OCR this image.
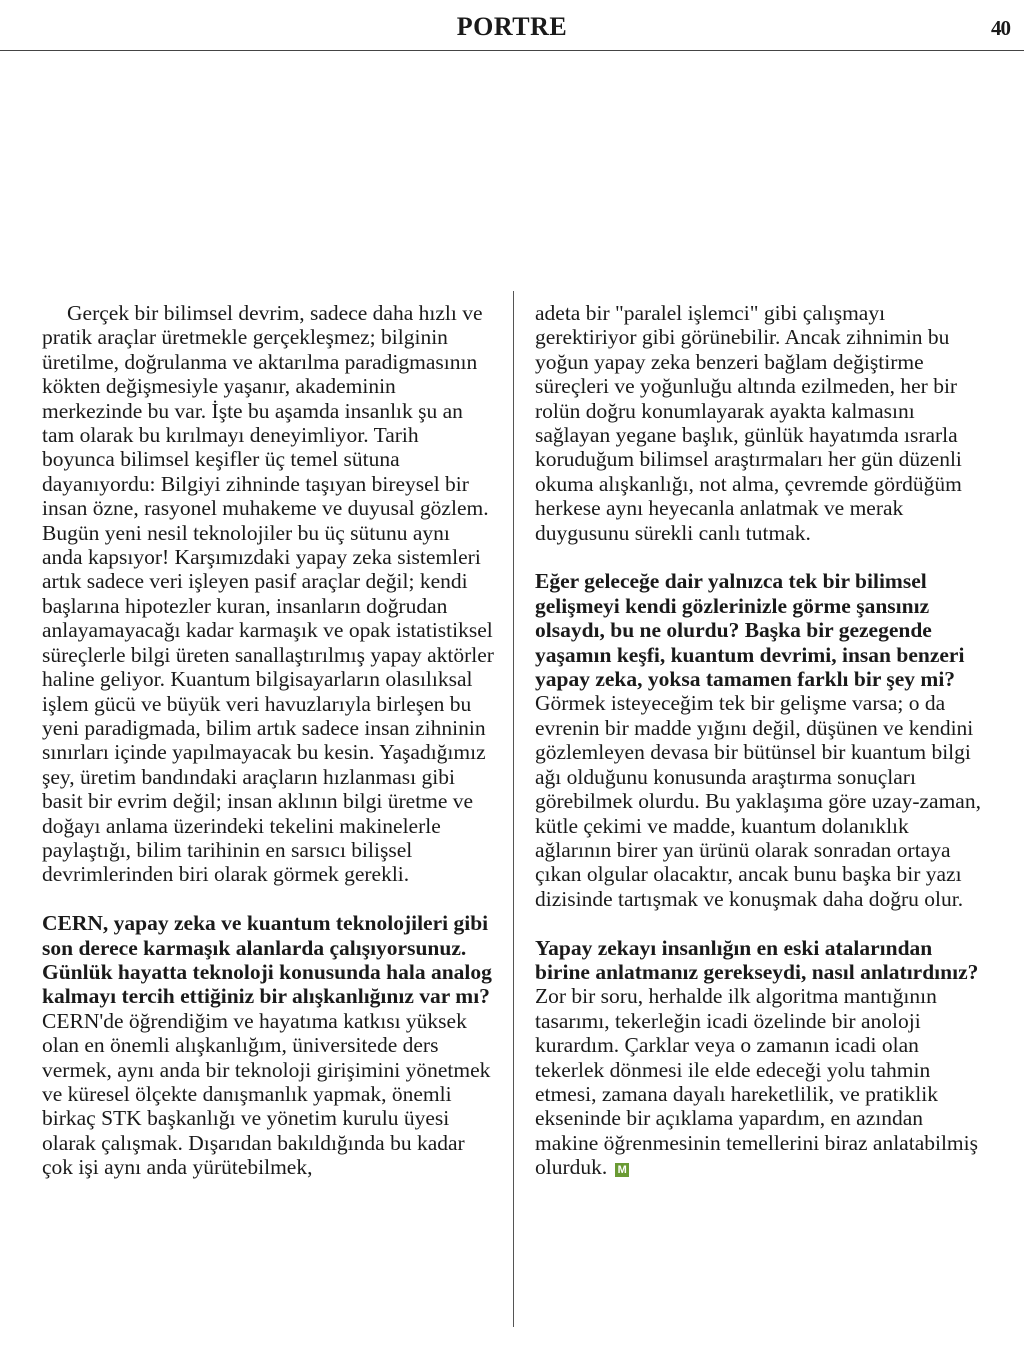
PORTRE	40

Gerçek bir bilimsel devrim, sadece daha hızlı ve pratik araçlar üretmekle gerçekleşmez; bilginin üretilme, doğrulanma ve aktarılma paradigmasının kökten değişmesiyle yaşanır, akademinin merkezinde bu var. İşte bu aşamda insanlık şu an tam olarak bu kırılmayı deneyimliyor. Tarih boyunca bilimsel keşifler üç temel sütuna dayanıyordu: Bilgiyi zihninde taşıyan bireysel bir insan özne, rasyonel muhakeme ve duyusal gözlem. Bugün yeni nesil teknolojiler bu üç sütunu aynı anda kapsıyor! Karşımızdaki yapay zeka sistemleri artık sadece veri işleyen pasif araçlar değil; kendi başlarına hipotezler kuran, insanların doğrudan anlayamayacağı kadar karmaşık ve opak istatistiksel süreçlerle bilgi üreten sanallaştırılmış yapay aktörler haline geliyor. Kuantum bilgisayarların olasılıksal işlem gücü ve büyük veri havuzlarıyla birleşen bu yeni paradigmada, bilim artık sadece insan zihninin sınırları içinde yapılmayacak bu kesin. Yaşadığımız şey, üretim bandındaki araçların hızlanması gibi basit bir evrim değil; insan aklının bilgi üretme ve doğayı anlama üzerindeki tekelini makinelerle paylaştığı, bilim tarihinin en sarsıcı bilişsel devrimlerinden biri olarak görmek gerekli.

CERN, yapay zeka ve kuantum teknolojileri gibi son derece karmaşık alanlarda çalışıyorsunuz. Günlük hayatta teknoloji konusunda hala analog kalmayı tercih ettiğiniz bir alışkanlığınız var mı?

CERN'de öğrendiğim ve hayatıma katkısı yüksek olan en önemli alışkanlığım, üniversitede ders vermek, aynı anda bir teknoloji girişimini yönetmek ve küresel ölçekte danışmanlık yapmak, önemli birkaç STK başkanlığı ve yönetim kurulu üyesi olarak çalışmak. Dışarıdan bakıldığında bu kadar çok işi aynı anda yürütebilmek,

adeta bir "paralel işlemci" gibi çalışmayı gerektiriyor gibi görünebilir. Ancak zihnimin bu yoğun yapay zeka benzeri bağlam değiştirme süreçleri ve yoğunluğu altında ezilmeden, her bir rolün doğru konumlayarak ayakta kalmasını sağlayan yegane başlık, günlük hayatımda ısrarla koruduğum bilimsel araştırmaları her gün düzenli okuma alışkanlığı, not alma, çevremde gördüğüm herkese aynı heyecanla anlatmak ve merak duygusunu sürekli canlı tutmak.

Eğer geleceğe dair yalnızca tek bir bilimsel gelişmeyi kendi gözlerinizle görme şansınız olsaydı, bu ne olurdu? Başka bir gezegende yaşamın keşfi, kuantum devrimi, insan benzeri yapay zeka, yoksa tamamen farklı bir şey mi?

Görmek isteyeceğim tek bir gelişme varsa; o da evrenin bir madde yığını değil, düşünen ve kendini gözlemleyen devasa bir bütünsel bir kuantum bilgi ağı olduğunu konusunda araştırma sonuçları görebilmek olurdu. Bu yaklaşıma göre uzay-zaman, kütle çekimi ve madde, kuantum dolanıklık ağlarının birer yan ürünü olarak sonradan ortaya çıkan olgular olacaktır, ancak bunu başka bir yazı dizisinde tartışmak ve konuşmak daha doğru olur.

Yapay zekayı insanlığın en eski atalarından birine anlatmanız gerekseydi, nasıl anlatırdınız?

Zor bir soru, herhalde ilk algoritma mantığının tasarımı, tekerleğin icadi özelinde bir anoloji kurardım. Çarklar veya o zamanın icadi olan tekerlek dönmesi ile elde edeceği yolu tahmin etmesi, zamana dayalı hareketlilik, ve pratiklik ekseninde bir açıklama yapardım, en azından makine öğrenmesinin temellerini biraz anlatabilmiş olurduk. M
